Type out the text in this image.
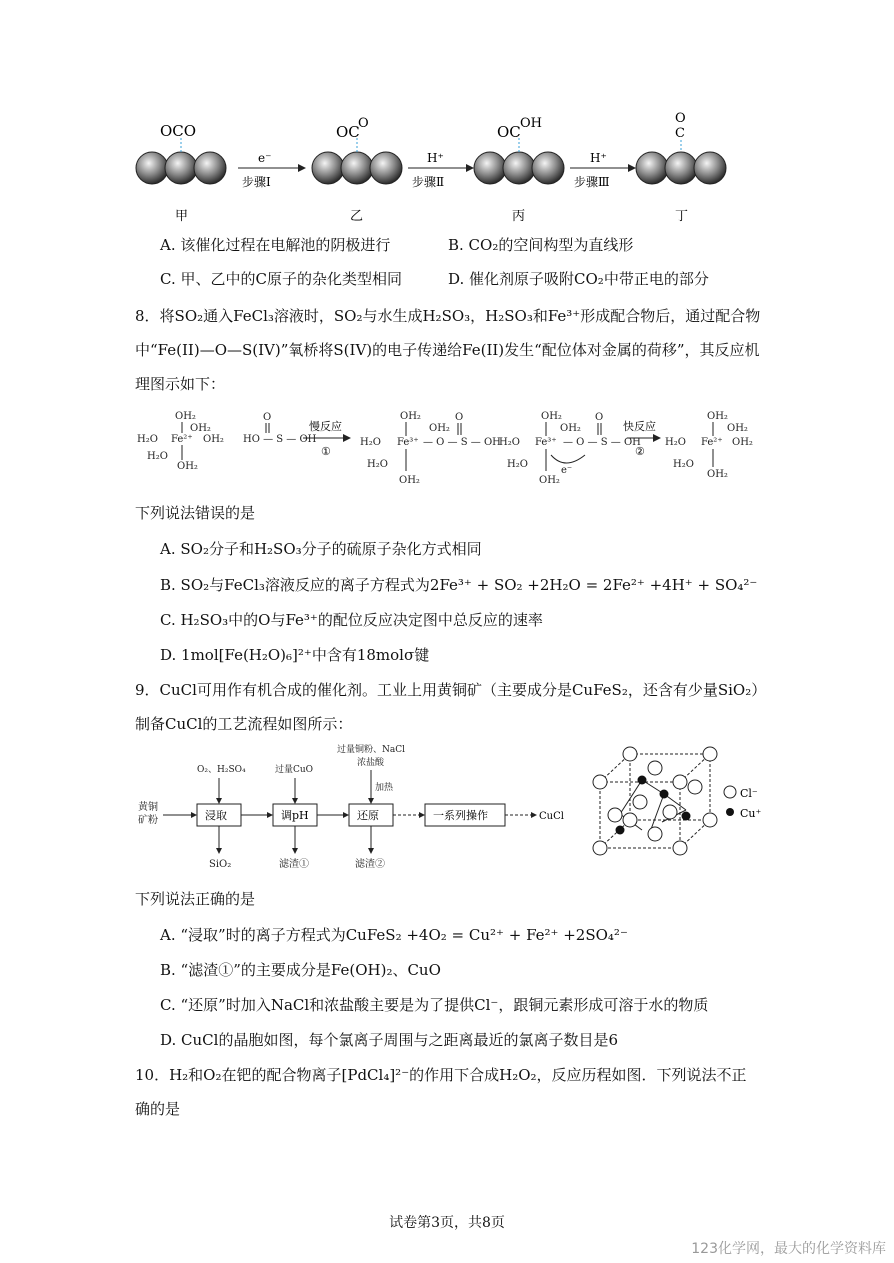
OCO
e⁻
步骤Ⅰ
OC
O
H⁺
步骤Ⅱ
OC OH
H⁺
步骤Ⅲ
O
C
甲	乙	丙	丁
A. 该催化过程在电解池的阴极进行	B. CO₂的空间构型为直线形
C. 甲、乙中的C原子的杂化类型相同	D. 催化剂原子吸附CO₂中带正电的部分
8．将SO₂通入FeCl₃溶液时，SO₂与水生成H₂SO₃，H₂SO₃和Fe³⁺形成配合物后，通过配合物
中“Fe(II)—O—S(IV)”氧桥将S(IV)的电子传递给Fe(II)发生“配位体对金属的荷移”，其反应机
理图示如下：
OH₂
OH₂
H₂O Fe²⁺ OH₂
H₂O
OH₂
HO — S — OH
O	OH₂
OH₂
H₂O Fe³⁺ — O — S — OH
O
H₂O
OH₂
OH₂
OH₂
H₂O Fe³⁺ — O — S — OH
O
H₂O
OH₂
e⁻
OH₂
OH₂
H₂O Fe²⁺ OH₂
H₂O
OH₂
慢反应
①
快反应
②
下列说法错误的是
A. SO₂分子和H₂SO₃分子的硫原子杂化方式相同
B. SO₂与FeCl₃溶液反应的离子方程式为2Fe³⁺ + SO₂ +2H₂O = 2Fe²⁺ +4H⁺ + SO₄²⁻
C. H₂SO₃中的O与Fe³⁺的配位反应决定图中总反应的速率
D. 1mol[Fe(H₂O)₆]²⁺中含有18molσ键
9．CuCl可用作有机合成的催化剂。工业上用黄铜矿（主要成分是CuFeS₂，还含有少量SiO₂）
制备CuCl的工艺流程如图所示：
黄铜
矿粉	浸取	调pH	还原	一系列操作	CuCl
O₂、H₂SO₄	过量CuO
过量铜粉、NaCl
浓盐酸
加热
SiO₂	滤渣①	滤渣②
Cl⁻
Cu⁺
下列说法正确的是
A. “浸取”时的离子方程式为CuFeS₂ +4O₂ = Cu²⁺ + Fe²⁺ +2SO₄²⁻
B. “滤渣①”的主要成分是Fe(OH)₂、CuO
C. “还原”时加入NaCl和浓盐酸主要是为了提供Cl⁻，跟铜元素形成可溶于水的物质
D. CuCl的晶胞如图，每个氯离子周围与之距离最近的氯离子数目是6
10．H₂和O₂在钯的配合物离子[PdCl₄]²⁻的作用下合成H₂O₂，反应历程如图．下列说法不正
确的是
试卷第3页，共8页
123化学网，最大的化学资料库
